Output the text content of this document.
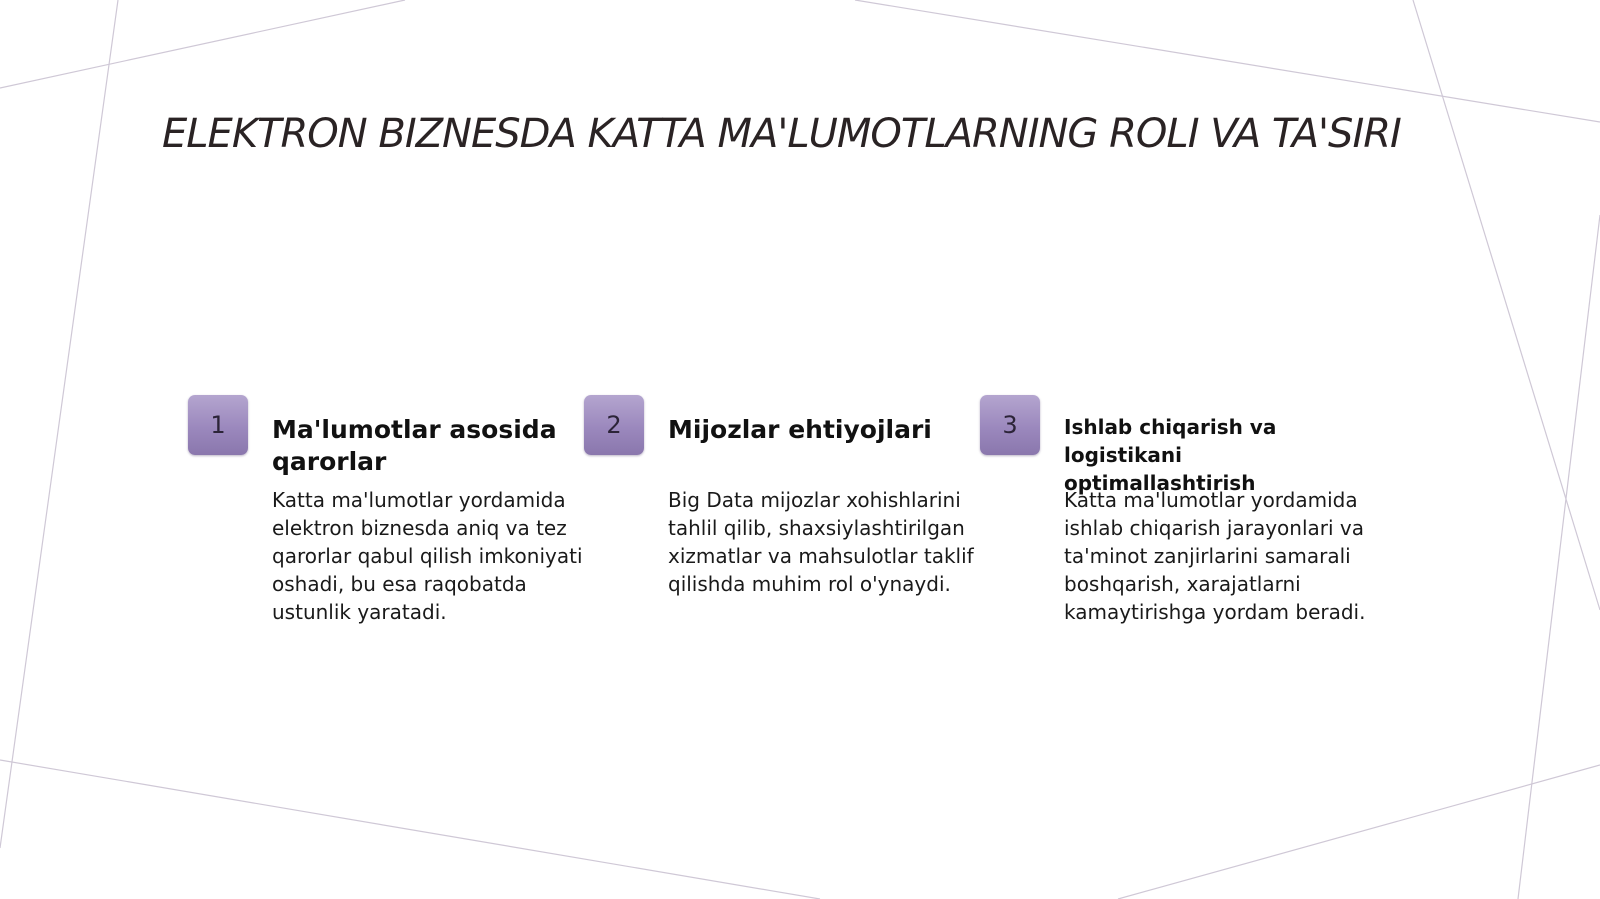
ELEKTRON BIZNESDA KATTA MA'LUMOTLARNING ROLI VA TA'SIRI
1	Ma'lumotlar asosida qarorlar

Katta ma'lumotlar yordamida elektron biznesda aniq va tez qarorlar qabul qilish imkoniyati oshadi, bu esa raqobatda ustunlik yaratadi.

2	Mijozlar ehtiyojlari

Big Data mijozlar xohishlarini tahlil qilib, shaxsiylashtirilgan xizmatlar va mahsulotlar taklif qilishda muhim rol o'ynaydi.

3	Ishlab chiqarish va logistikani optimallashtirish

Katta ma'lumotlar yordamida ishlab chiqarish jarayonlari va ta'minot zanjirlarini samarali boshqarish, xarajatlarni kamaytirishga yordam beradi.
